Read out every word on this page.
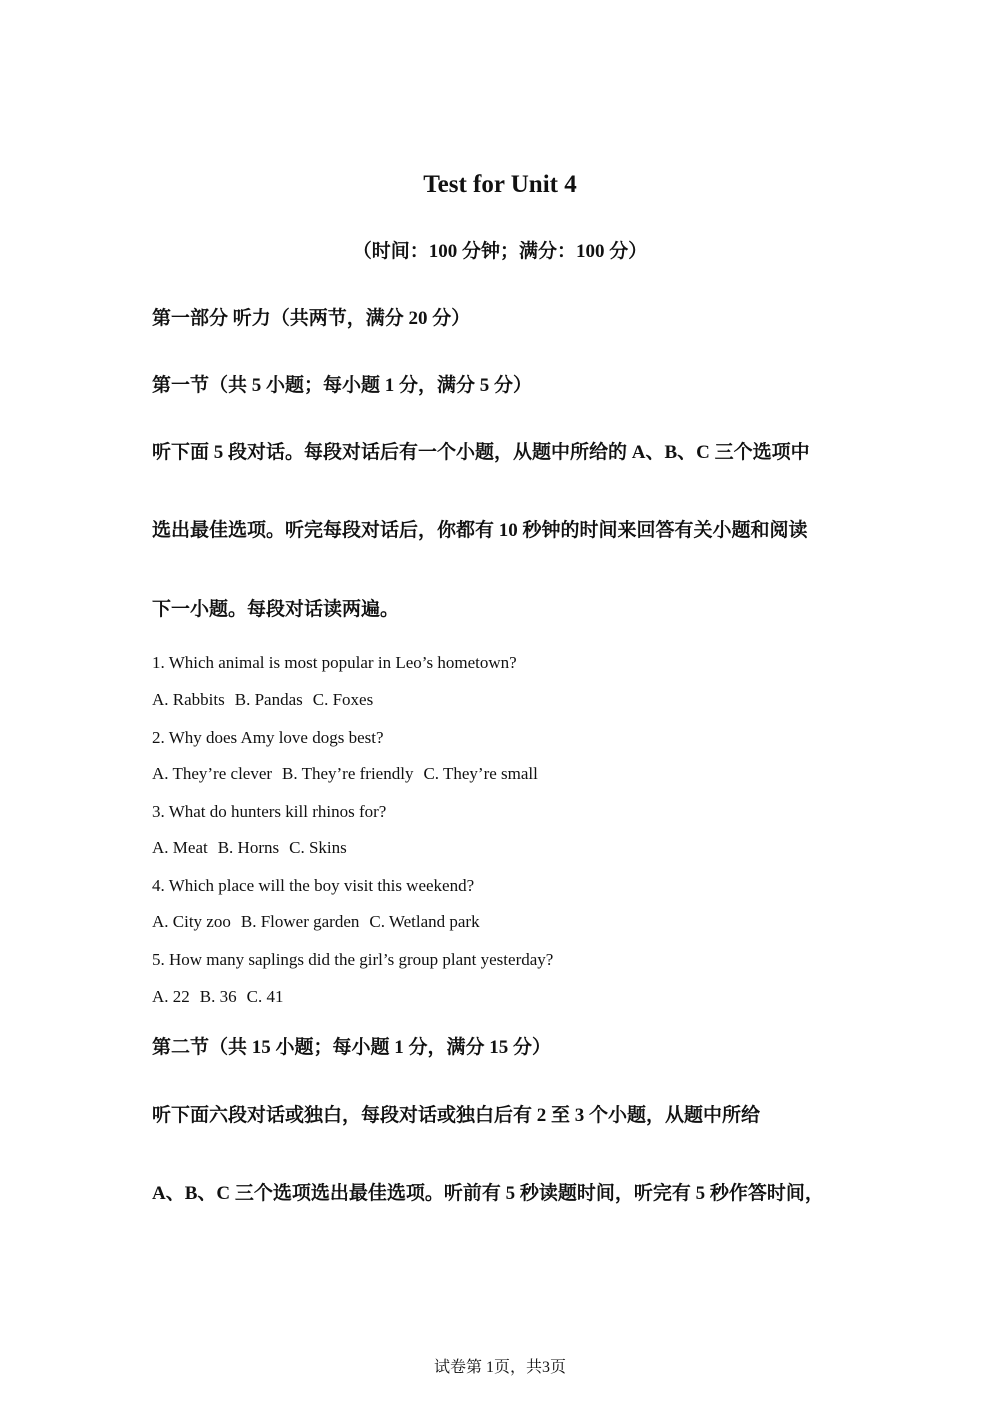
Test for Unit 4
（时间：100 分钟；满分：100 分）
第一部分 听力（共两节，满分 20 分）
第一节（共 5 小题；每小题 1 分，满分 5 分）
听下面 5 段对话。每段对话后有一个小题，从题中所给的 A、B、C 三个选项中
选出最佳选项。听完每段对话后，你都有 10 秒钟的时间来回答有关小题和阅读
下一小题。每段对话读两遍。
1. Which animal is most popular in Leo’s hometown?
A. Rabbits B. Pandas C. Foxes
2. Why does Amy love dogs best?
A. They’re clever B. They’re friendly C. They’re small
3. What do hunters kill rhinos for?
A. Meat B. Horns C. Skins
4. Which place will the boy visit this weekend?
A. City zoo B. Flower garden C. Wetland park
5. How many saplings did the girl’s group plant yesterday?
A. 22 B. 36 C. 41
第二节（共 15 小题；每小题 1 分，满分 15 分）
听下面六段对话或独白，每段对话或独白后有 2 至 3 个小题，从题中所给
A、B、C 三个选项选出最佳选项。听前有 5 秒读题时间，听完有 5 秒作答时间，
试卷第 1页，共3页
